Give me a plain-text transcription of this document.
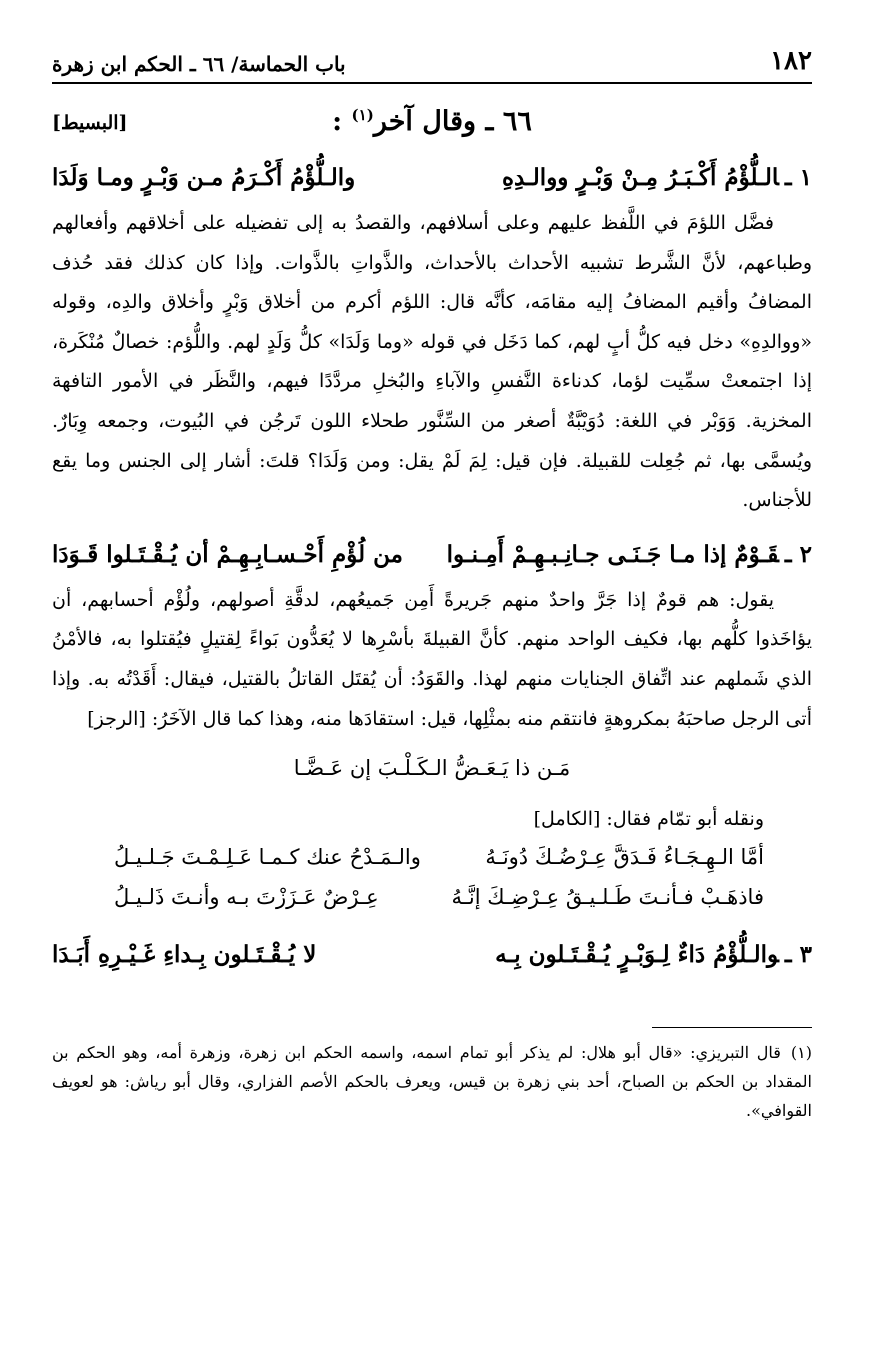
١٨٢
باب الحماسة/ ٦٦ ـ الحكم ابن زهرة
٦٦ ـ وقال آخر$^{(١)}$ :
[البسيط]
١ ـالـلُّؤْمُ أَكْـبَـرُ مِـنْ وَبْـرٍ ووالـدِهِ
والـلُّؤْمُ أَكْـرَمُ مـن وَبْـرٍ ومـا وَلَدَا

فضَّل اللؤمَ في اللَّفظ عليهم وعلى أسلافهم، والقصدُ به إلى تفضيله على أخلاقهم وأفعالهم وطباعهم، لأنَّ الشَّرط تشبيه الأحداث بالأحداث، والذَّواتِ بالذَّوات. وإذا كان كذلك فقد حُذف المضافُ وأقيم المضافُ إليه مقامَه، كأنَّه قال: اللؤم أكرم من أخلاق وَبْرٍ وأخلاق والدِه، وقوله «ووالدِهِ» دخل فيه كلُّ أبٍ لهم، كما دَخَل في قوله «وما وَلَدَا» كلُّ وَلَدٍ لهم. واللُّؤم: خصالٌ مُنْكَرة، إذا اجتمعتْ سمِّيت لؤما، كدناءة النَّفسِ والآباءِ والبُخلِ مردَّدًا فيهم، والنَّظَر في الأمور التافهة المخزية. وَوَبْر في اللغة: دُوَيْبَّةٌ أصغر من السِّنَّور طحلاء اللون تَرجُن في البُيوت، وجمعه وِبَارٌ. ويُسمَّى بها، ثم جُعِلت للقبيلة. فإن قيل: لِمَ لَمْ يقل: ومن وَلَدَا؟ قلتَ: أشار إلى الجنس وما يقع للأجناس.

٢ ـقَـوْمٌ إذا مـا جَـنَـى جـانِـبـهِـمْ أَمِـنـوا
من لُؤْمِ أَحْـسـابِـهِـمْ أن يُـقْـتَـلوا قَـوَدَا

يقول: هم قومٌ إذا جَرَّ واحدٌ منهم جَريرةً أَمِن جَميعُهم، لدقَّةِ أصولهم، ولُؤْم أحسابهم، أن يؤاخَذوا كلُّهم بها، فكيف الواحد منهم. كأنَّ القبيلةَ بأسْرِها لا يُعَدُّون بَواءً لِقتيلٍ فيُقتلوا به، فالأمْنُ الذي شَملهم عند اتِّفاق الجنايات منهم لهذا. والقَوَدُ: أن يُقتَل القاتلُ بالقتيل، فيقال: أَقَدْتُه به. وإذا أتى الرجل صاحبَهُ بمكروهةٍ فانتقم منه بمثْلِها، قيل: استقادَها منه، وهذا كما قال الآخَرُ: [الرجز]

مَـن ذا يَـعَـضُّ الـكَـلْـبَ إن عَـضَّـا
ونقله أبو تمّام فقال: [الكامل]
أمَّا الـهِـجَـاءُ فَـدَقَّ عِـرْضُـكَ دُونَـهُ
والـمَـدْحُ عنك كـمـا عَـلِـمْـتَ جَـلـيـلُ
فاذهَـبْ فـأنـتَ طَـلـيـقُ عِـرْضِـكَ إنَّـهُ
عِـرْضٌ عَـزَزْتَ بـه وأنـتَ ذَلـيـلُ
٣ ـوالـلُّؤْمُ دَاءٌ لِـوَبْـرٍ يُـقْـتَـلون بِـه
لا يُـقْـتَـلون بِـداءِ غَـيْـرِهِ أَبَـدَا
(١)قال التبريزي: «قال أبو هلال: لم يذكر أبو تمام اسمه، واسمه الحكم ابن زهرة، وزهرة أمه، وهو الحكم بن المقداد بن الحكم بن الصباح، أحد بني زهرة بن قيس، ويعرف بالحكم الأصم الفزاري، وقال أبو رياش: هو لعويف القوافي».
